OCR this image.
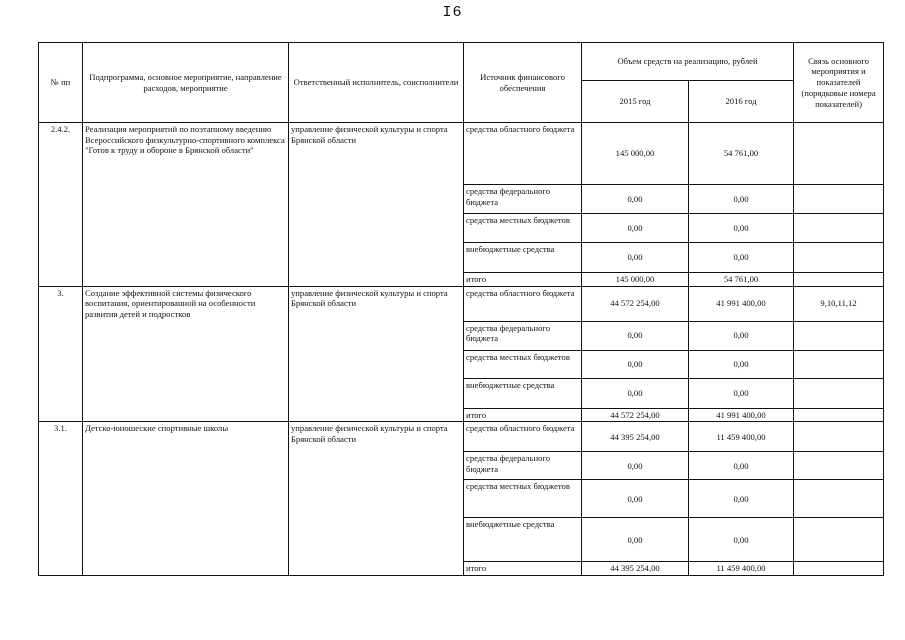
I6
№ пп	Подпрограмма, основное мероприятие, направление расходов, мероприятие	Ответственный исполнитель, соисполнители	Источник финансового обеспечения	Объем средств на реализацию, рублей		Связь основного мероприятия и показателей (порядковые номера показателей)
				2015 год	2016 год	
2.4.2.	Реализация мероприятий по поэтапному введению Всероссийского физкультурно-спортивного комплекса "Готов к труду и обороне в Брянской области"	управление физической культуры и спорта Брянской области	средства областного бюджета	145 000,00	54 761,00	
			средства федерального бюджета	0,00	0,00	
			средства местных бюджетов	0,00	0,00	
			внебюджетные средства	0,00	0,00	
			итого	145 000,00	54 761,00	
3.	Создание эффективной системы физического воспитания, ориентированной на особенности развития детей и подростков	управление физической культуры и спорта Брянской области	средства областного бюджета	44 572 254,00	41 991 400,00	9,10,11,12
			средства федерального бюджета	0,00	0,00	
			средства местных бюджетов	0,00	0,00	
			внебюджетные средства	0,00	0,00	
			итого	44 572 254,00	41 991 400,00	
3.1.	Детско-юношеские спортивные школы	управление физической культуры и спорта Брянской области	средства областного бюджета	44 395 254,00	11 459 400,00	
			средства федерального бюджета	0,00	0,00	
			средства местных бюджетов	0,00	0,00	
			внебюджетные средства	0,00	0,00	
			итого	44 395 254,00	11 459 400,00	
